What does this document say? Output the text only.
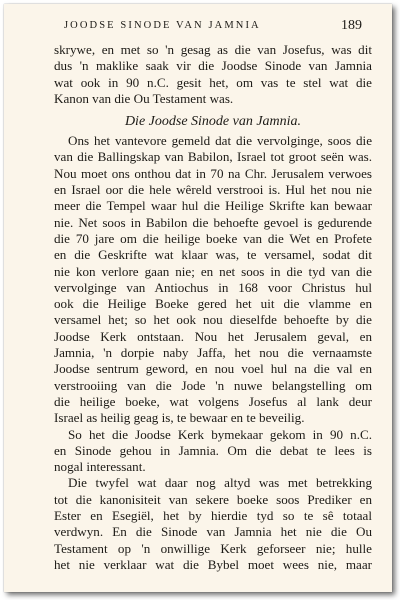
JOODSE SINODE VAN JAMNIA	189
skrywe, en met so 'n gesag as die van Josefus, was dit
dus 'n maklike saak vir die Joodse Sinode van Jamnia
wat ook in 90 n.C. gesit het, om vas te stel wat die
Kanon van die Ou Testament was.
Die Joodse Sinode van Jamnia.
Ons het vantevore gemeld dat die vervolginge, soos die
van die Ballingskap van Babilon, Israel tot groot seën was.
Nou moet ons onthou dat in 70 na Chr. Jerusalem verwoes
en Israel oor die hele wêreld verstrooi is. Hul het nou nie
meer die Tempel waar hul die Heilige Skrifte kan bewaar
nie. Net soos in Babilon die behoefte gevoel is gedurende
die 70 jare om die heilige boeke van die Wet en Profete
en die Geskrifte wat klaar was, te versamel, sodat dit
nie kon verlore gaan nie; en net soos in die tyd van die
vervolginge van Antiochus in 168 voor Christus hul
ook die Heilige Boeke gered het uit die vlamme en
versamel het; so het ook nou dieselfde behoefte by die
Joodse Kerk ontstaan. Nou het Jerusalem geval, en
Jamnia, 'n dorpie naby Jaffa, het nou die vernaamste
Joodse sentrum geword, en nou voel hul na die val en
verstrooiing van die Jode 'n nuwe belangstelling om
die heilige boeke, wat volgens Josefus al lank deur
Israel as heilig geag is, te bewaar en te beveilig.
So het die Joodse Kerk bymekaar gekom in 90 n.C.
en Sinode gehou in Jamnia. Om die debat te lees is
nogal interessant.
Die twyfel wat daar nog altyd was met betrekking
tot die kanonisiteit van sekere boeke soos Prediker en
Ester en Esegiël, het by hierdie tyd so te sê totaal
verdwyn. En die Sinode van Jamnia het nie die Ou
Testament op 'n onwillige Kerk geforseer nie; hulle
het nie verklaar wat die Bybel moet wees nie, maar
